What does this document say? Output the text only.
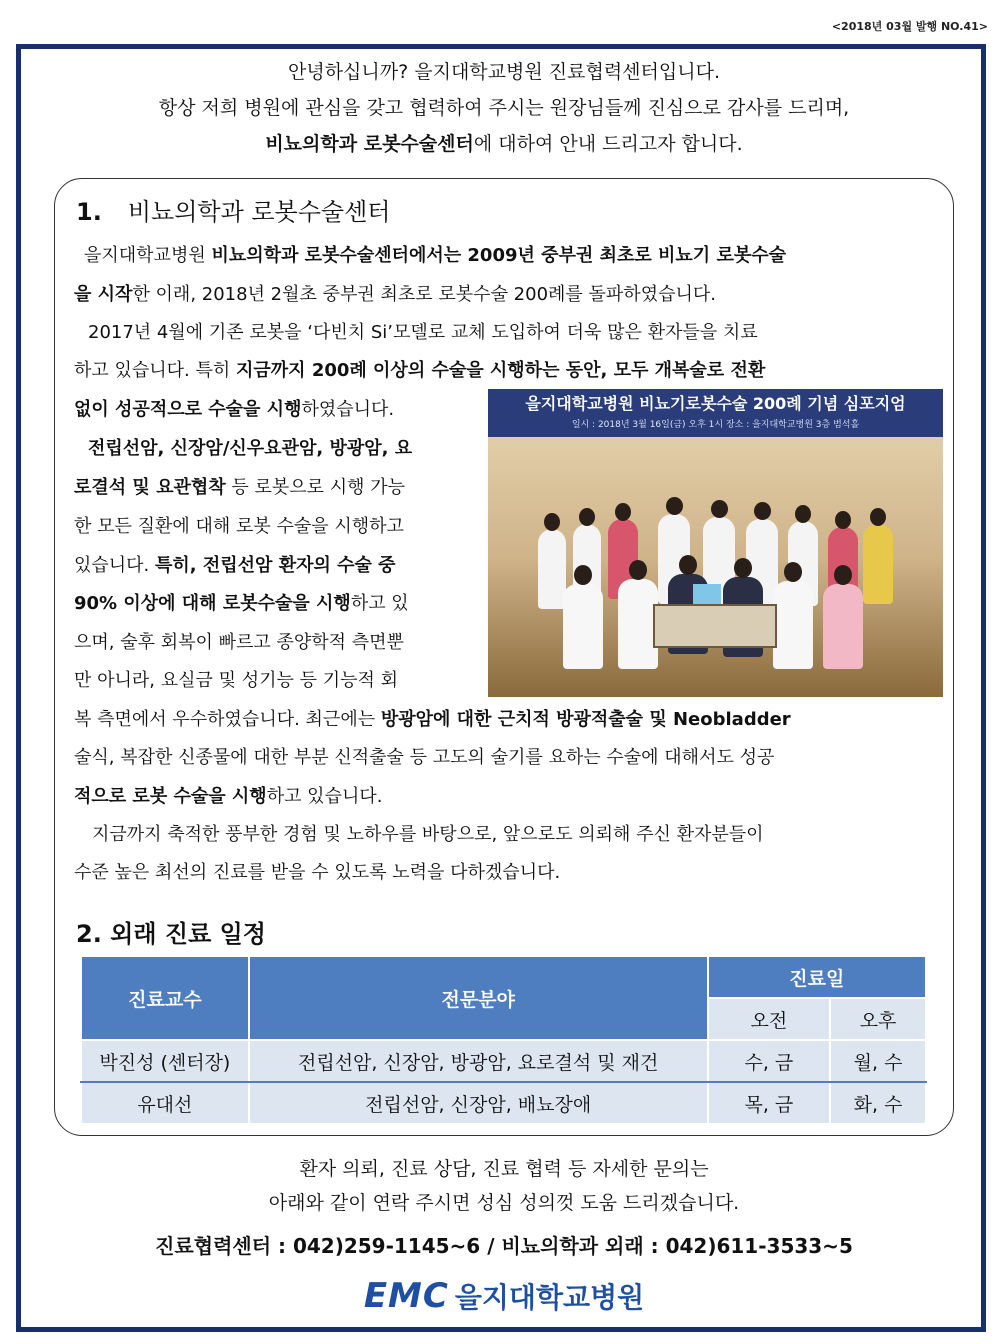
<2018년 03월 발행 NO.41>
안녕하십니까? 을지대학교병원 진료협력센터입니다.
항상 저희 병원에 관심을 갖고 협력하여 주시는 원장님들께 진심으로 감사를 드리며,
비뇨의학과 로봇수술센터에 대하여 안내 드리고자 합니다.
1. 비뇨의학과 로봇수술센터
을지대학교병원 비뇨의학과 로봇수술센터에서는 2009년 중부권 최초로 비뇨기 로봇수술
을 시작한 이래, 2018년 2월초 중부권 최초로 로봇수술 200례를 돌파하였습니다.
2017년 4월에 기존 로봇을 ‘다빈치 Si’모델로 교체 도입하여 더욱 많은 환자들을 치료
하고 있습니다. 특히 지금까지 200례 이상의 수술을 시행하는 동안, 모두 개복술로 전환
없이 성공적으로 수술을 시행하였습니다.
전립선암, 신장암/신우요관암, 방광암, 요
로결석 및 요관협착 등 로봇으로 시행 가능
한 모든 질환에 대해 로봇 수술을 시행하고
있습니다. 특히, 전립선암 환자의 수술 중
90% 이상에 대해 로봇수술을 시행하고 있
으며, 술후 회복이 빠르고 종양학적 측면뿐
만 아니라, 요실금 및 성기능 등 기능적 회
복 측면에서 우수하였습니다. 최근에는 방광암에 대한 근치적 방광적출술 및 Neobladder
술식, 복잡한 신종물에 대한 부분 신적출술 등 고도의 술기를 요하는 수술에 대해서도 성공
적으로 로봇 수술을 시행하고 있습니다.
지금까지 축적한 풍부한 경험 및 노하우를 바탕으로, 앞으로도 의뢰해 주신 환자분들이
수준 높은 최선의 진료를 받을 수 있도록 노력을 다하겠습니다.
을지대학교병원 비뇨기로봇수술 200례 기념 심포지엄
일시 : 2018년 3월 16일(금) 오후 1시 장소 : 을지대학교병원 3층 범석홀
2. 외래 진료 일정
진료교수	전문분야	진료일	
		오전	오후
박진성 (센터장)	전립선암, 신장암, 방광암, 요로결석 및 재건	수, 금	월, 수
유대선	전립선암, 신장암, 배뇨장애	목, 금	화, 수
환자 의뢰, 진료 상담, 진료 협력 등 자세한 문의는
아래와 같이 연락 주시면 성심 성의껏 도움 드리겠습니다.
진료협력센터 : 042)259-1145~6 / 비뇨의학과 외래 : 042)611-3533~5
EMC 을지대학교병원
